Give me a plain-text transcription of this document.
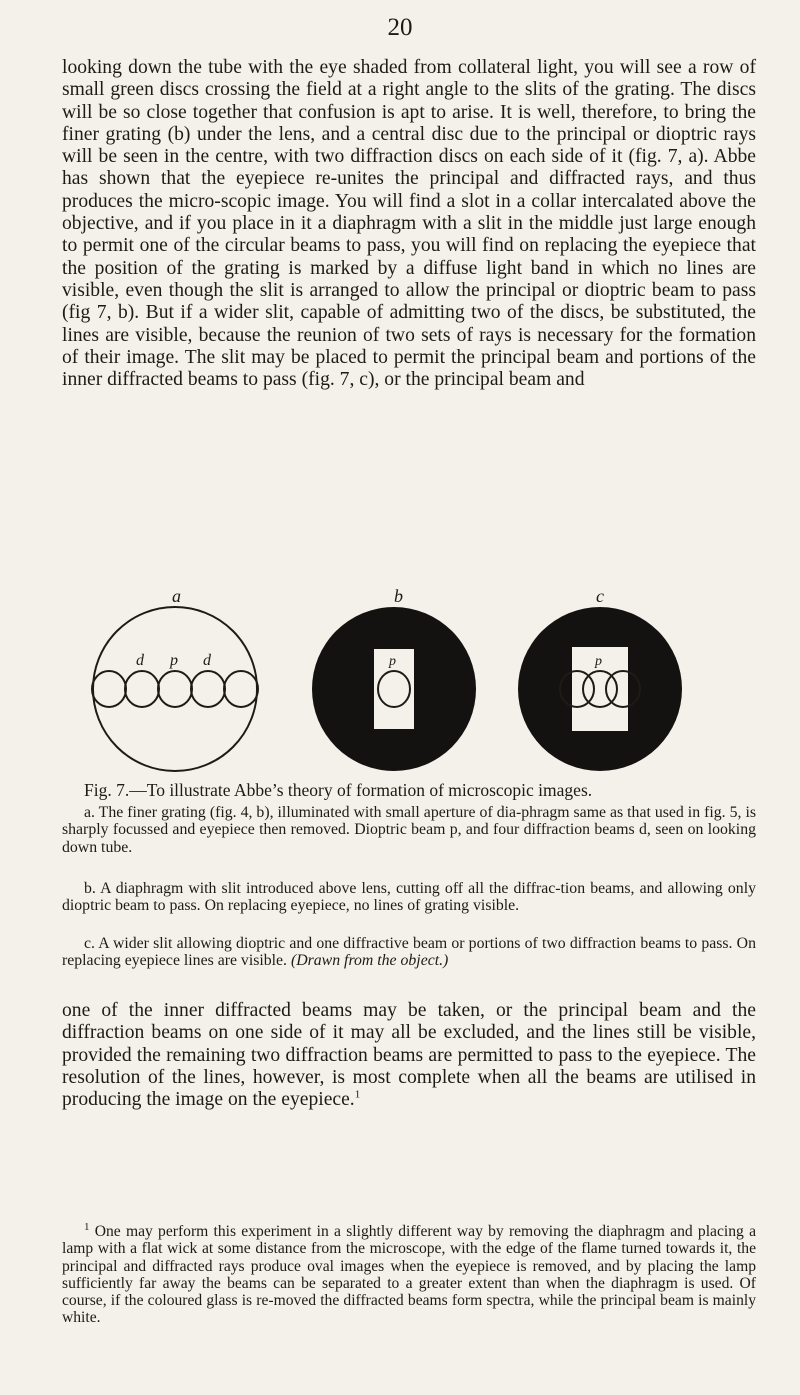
20

looking down the tube with the eye shaded from collateral light, you will see a row of small green discs crossing the field at a right angle to the slits of the grating. The discs will be so close together that confusion is apt to arise. It is well, therefore, to bring the finer grating (b) under the lens, and a central disc due to the principal or dioptric rays will be seen in the centre, with two diffraction discs on each side of it (fig. 7, a). Abbe has shown that the eyepiece re-unites the principal and diffracted rays, and thus produces the micro-scopic image. You will find a slot in a collar intercalated above the objective, and if you place in it a diaphragm with a slit in the middle just large enough to permit one of the circular beams to pass, you will find on replacing the eyepiece that the position of the grating is marked by a diffuse light band in which no lines are visible, even though the slit is arranged to allow the principal or dioptric beam to pass (fig 7, b). But if a wider slit, capable of admitting two of the discs, be substituted, the lines are visible, because the reunion of two sets of rays is necessary for the formation of their image. The slit may be placed to permit the principal beam and portions of the inner diffracted beams to pass (fig. 7, c), or the principal beam and

a	b	c
d p d	p	p

Fig. 7.—To illustrate Abbe’s theory of formation of microscopic images.

a. The finer grating (fig. 4, b), illuminated with small aperture of dia-phragm same as that used in fig. 5, is sharply focussed and eyepiece then removed. Dioptric beam p, and four diffraction beams d, seen on looking down tube.

b. A diaphragm with slit introduced above lens, cutting off all the diffrac-tion beams, and allowing only dioptric beam to pass. On replacing eyepiece, no lines of grating visible.

c. A wider slit allowing dioptric and one diffractive beam or portions of two diffraction beams to pass. On replacing eyepiece lines are visible. (Drawn from the object.)

one of the inner diffracted beams may be taken, or the principal beam and the diffraction beams on one side of it may all be excluded, and the lines still be visible, provided the remaining two diffraction beams are permitted to pass to the eyepiece. The resolution of the lines, however, is most complete when all the beams are utilised in producing the image on the eyepiece.$^1$

$^1$ One may perform this experiment in a slightly different way by removing the diaphragm and placing a lamp with a flat wick at some distance from the microscope, with the edge of the flame turned towards it, the principal and diffracted rays produce oval images when the eyepiece is removed, and by placing the lamp sufficiently far away the beams can be separated to a greater extent than when the diaphragm is used. Of course, if the coloured glass is re-moved the diffracted beams form spectra, while the principal beam is mainly white.
